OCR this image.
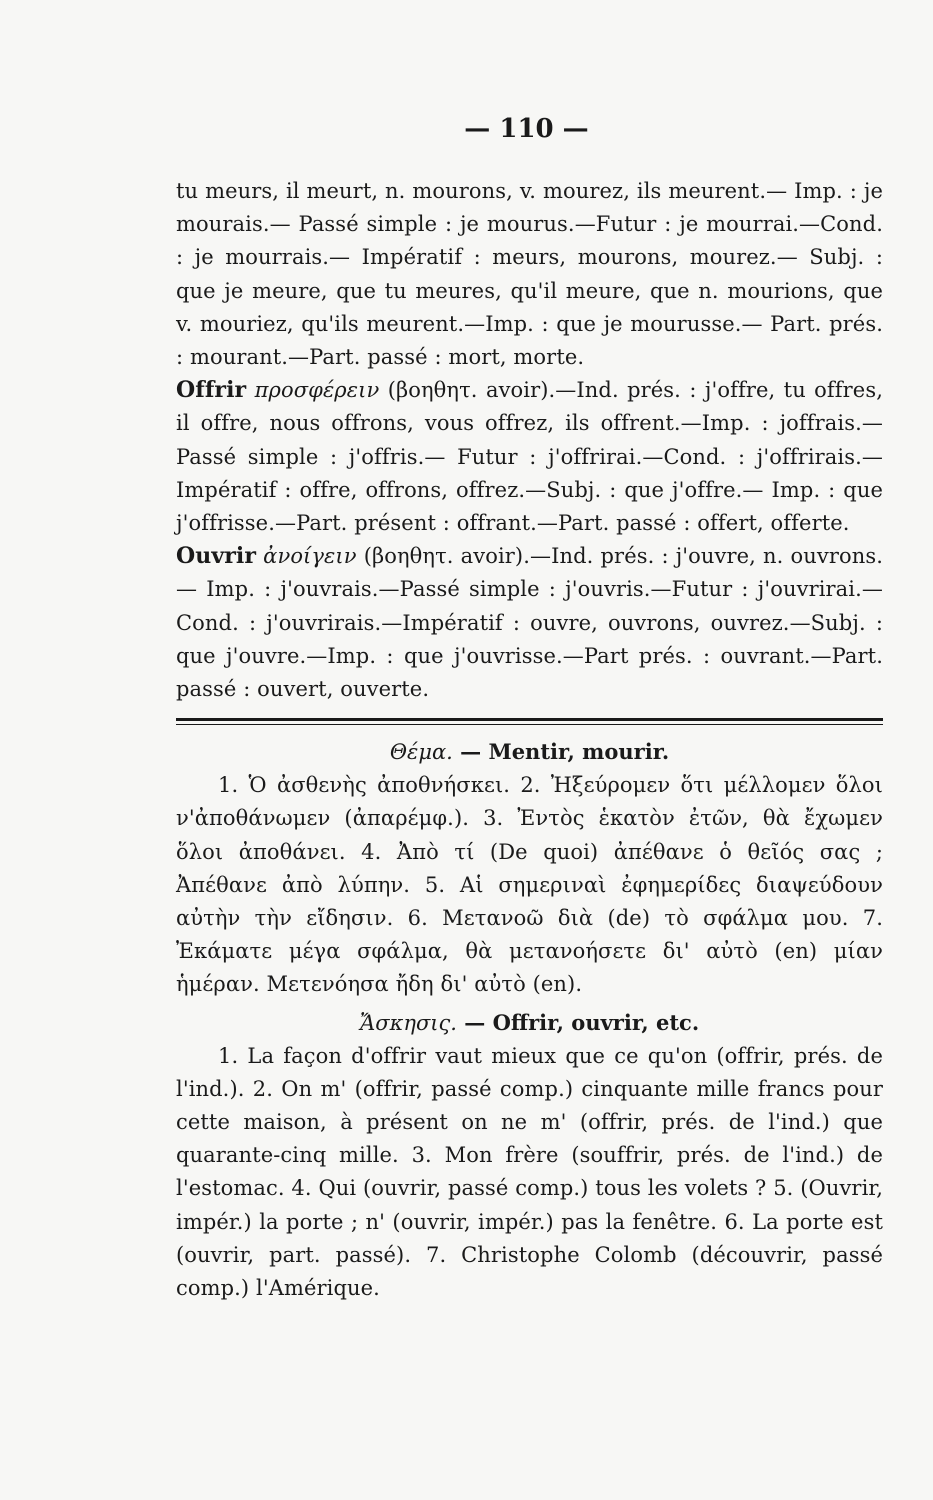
— 110 —

tu meurs, il meurt, n. mourons, v. mourez, ils meurent.— Imp. : je mourais.— Passé simple : je mourus.—Futur : je mourrai.—Cond. : je mourrais.— Impératif : meurs, mourons, mourez.— Subj. : que je meure, que tu meures, qu'il meure, que n. mourions, que v. mouriez, qu'ils meurent.—Imp. : que je mourusse.— Part. prés. : mourant.—Part. passé : mort, morte.

Offrir προσφέρειν (βοηθητ. avoir).—Ind. prés. : j'offre, tu offres, il offre, nous offrons, vous offrez, ils offrent.—Imp. : joffrais.—Passé simple : j'offris.— Futur : j'offrirai.—Cond. : j'offrirais.—Impératif : offre, offrons, offrez.—Subj. : que j'offre.— Imp. : que j'offrisse.—Part. présent : offrant.—Part. passé : offert, offerte.

Ouvrir ἀνοίγειν (βοηθητ. avoir).—Ind. prés. : j'ouvre, n. ouvrons.— Imp. : j'ouvrais.—Passé simple : j'ouvris.—Futur : j'ouvrirai.—Cond. : j'ouvrirais.—Impératif : ouvre, ouvrons, ouvrez.—Subj. : que j'ouvre.—Imp. : que j'ouvrisse.—Part prés. : ouvrant.—Part. passé : ouvert, ouverte.

Θέμα. — Mentir, mourir.

1. Ὁ ἀσθενὴς ἀποθνήσκει. 2. Ἠξεύρομεν ὅτι μέλλομεν ὅλοι ν'ἀποθάνωμεν (ἀπαρέμφ.). 3. Ἐντὸς ἑκατὸν ἐτῶν, θὰ ἔχωμεν ὅλοι ἀποθάνει. 4. Ἀπὸ τί (De quoi) ἀπέθανε ὁ θεῖός σας ; Ἀπέθανε ἀπὸ λύπην. 5. Αἱ σημεριναὶ ἐφημερίδες διαψεύδουν αὐτὴν τὴν εἴδησιν. 6. Μετανοῶ διὰ (de) τὸ σφάλμα μου. 7. Ἐκάματε μέγα σφάλμα, θὰ μετανοήσετε δι' αὐτὸ (en) μίαν ἡμέραν. Μετενόησα ἤδη δι' αὐτὸ (en).

Ἄσκησις. — Offrir, ouvrir, etc.

1. La façon d'offrir vaut mieux que ce qu'on (offrir, prés. de l'ind.). 2. On m' (offrir, passé comp.) cinquante mille francs pour cette maison, à présent on ne m' (offrir, prés. de l'ind.) que quarante-cinq mille. 3. Mon frère (souffrir, prés. de l'ind.) de l'estomac. 4. Qui (ouvrir, passé comp.) tous les volets ? 5. (Ouvrir, impér.) la porte ; n' (ouvrir, impér.) pas la fenêtre. 6. La porte est (ouvrir, part. passé). 7. Christophe Colomb (découvrir, passé comp.) l'Amérique.
